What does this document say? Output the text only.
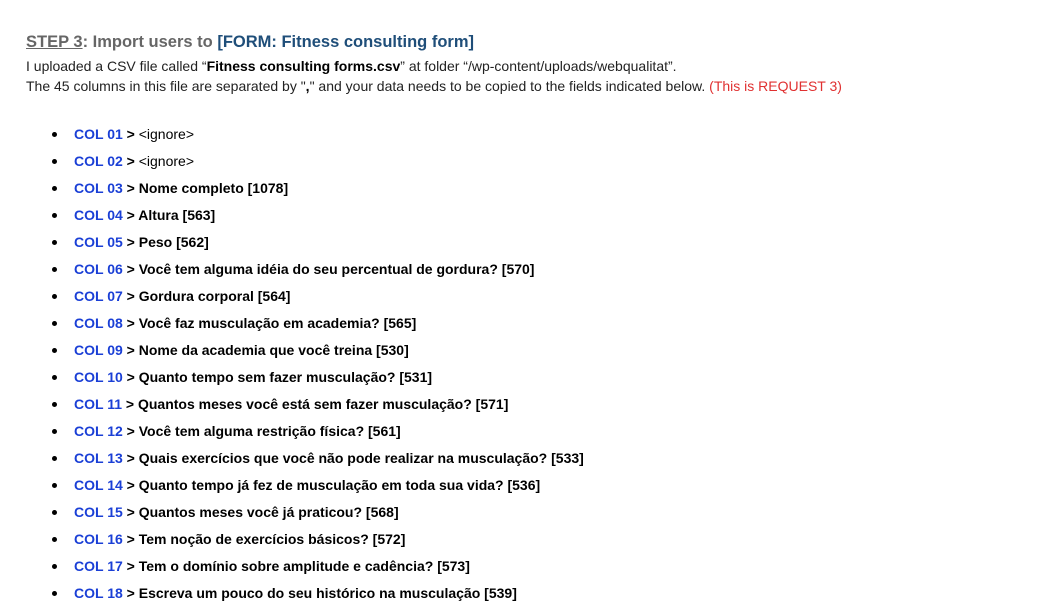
STEP 3: Import users to [FORM: Fitness consulting form]

I uploaded a CSV file called “Fitness consulting forms.csv” at folder “/wp-content/uploads/webqualitat”.
The 45 columns in this file are separated by "," and your data needs to be copied to the fields indicated below. (This is REQUEST 3)

COL 01 > <ignore>
COL 02 > <ignore>
COL 03 > Nome completo [1078]
COL 04 > Altura [563]
COL 05 > Peso [562]
COL 06 > Você tem alguma idéia do seu percentual de gordura? [570]
COL 07 > Gordura corporal [564]
COL 08 > Você faz musculação em academia? [565]
COL 09 > Nome da academia que você treina [530]
COL 10 > Quanto tempo sem fazer musculação? [531]
COL 11 > Quantos meses você está sem fazer musculação? [571]
COL 12 > Você tem alguma restrição física? [561]
COL 13 > Quais exercícios que você não pode realizar na musculação? [533]
COL 14 > Quanto tempo já fez de musculação em toda sua vida? [536]
COL 15 > Quantos meses você já praticou? [568]
COL 16 > Tem noção de exercícios básicos? [572]
COL 17 > Tem o domínio sobre amplitude e cadência? [573]
COL 18 > Escreva um pouco do seu histórico na musculação [539]
